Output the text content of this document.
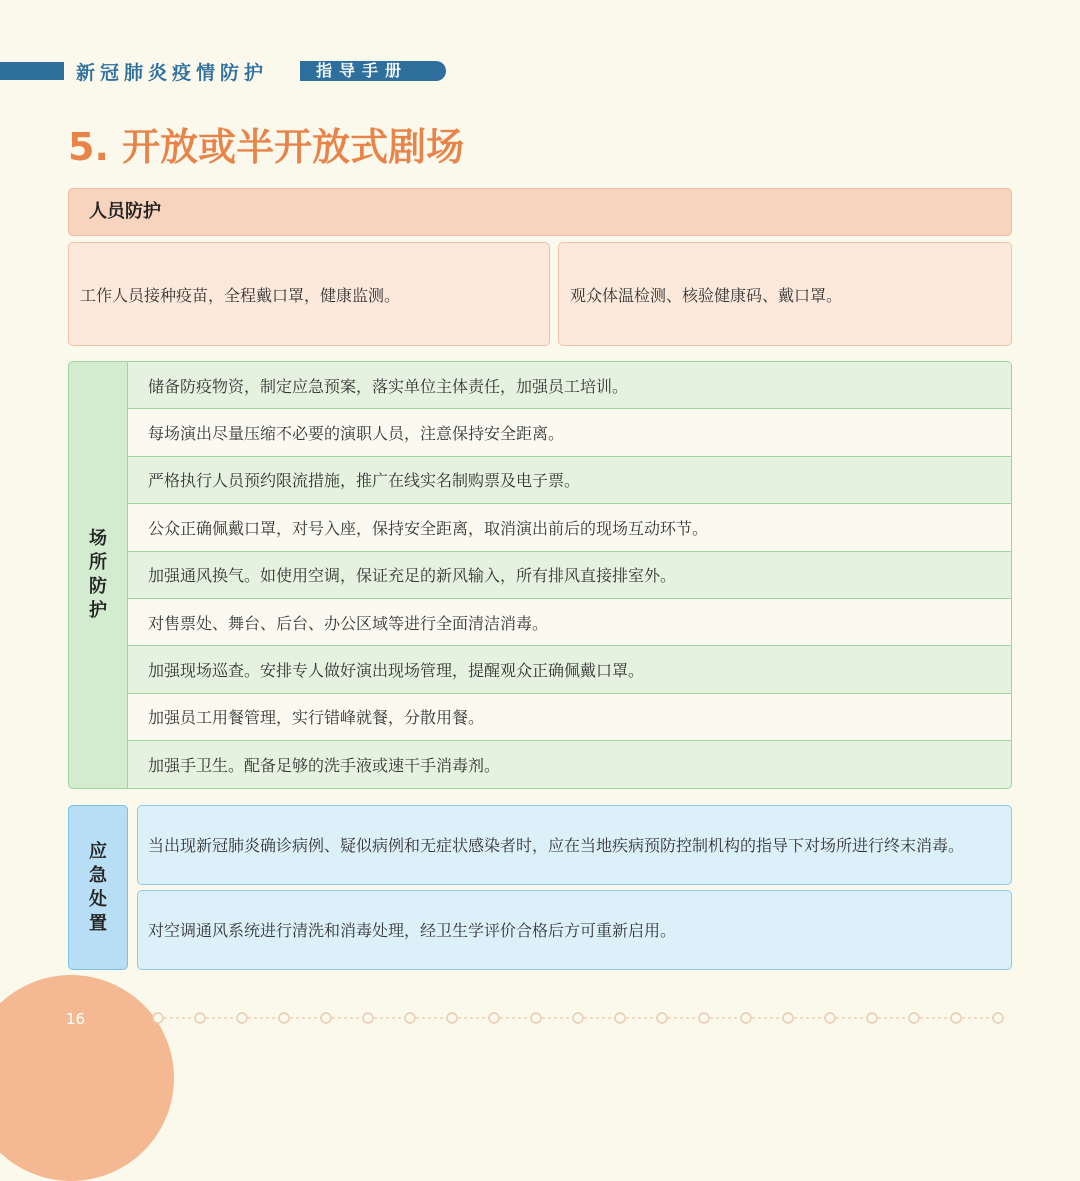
新冠肺炎疫情防护	指导手册
5. 开放或半开放式剧场
人员防护
工作人员接种疫苗，全程戴口罩，健康监测。	观众体温检测、核验健康码、戴口罩。
场
所
防
护
储备防疫物资，制定应急预案，落实单位主体责任，加强员工培训。
每场演出尽量压缩不必要的演职人员，注意保持安全距离。
严格执行人员预约限流措施，推广在线实名制购票及电子票。
公众正确佩戴口罩，对号入座，保持安全距离，取消演出前后的现场互动环节。
加强通风换气。如使用空调，保证充足的新风输入，所有排风直接排室外。
对售票处、舞台、后台、办公区域等进行全面清洁消毒。
加强现场巡查。安排专人做好演出现场管理，提醒观众正确佩戴口罩。
加强员工用餐管理，实行错峰就餐，分散用餐。
加强手卫生。配备足够的洗手液或速干手消毒剂。
应
急
处
置
当出现新冠肺炎确诊病例、疑似病例和无症状感染者时，应在当地疾病预防控制机构的指导下对场所进行终末消毒。
对空调通风系统进行清洗和消毒处理，经卫生学评价合格后方可重新启用。
16
